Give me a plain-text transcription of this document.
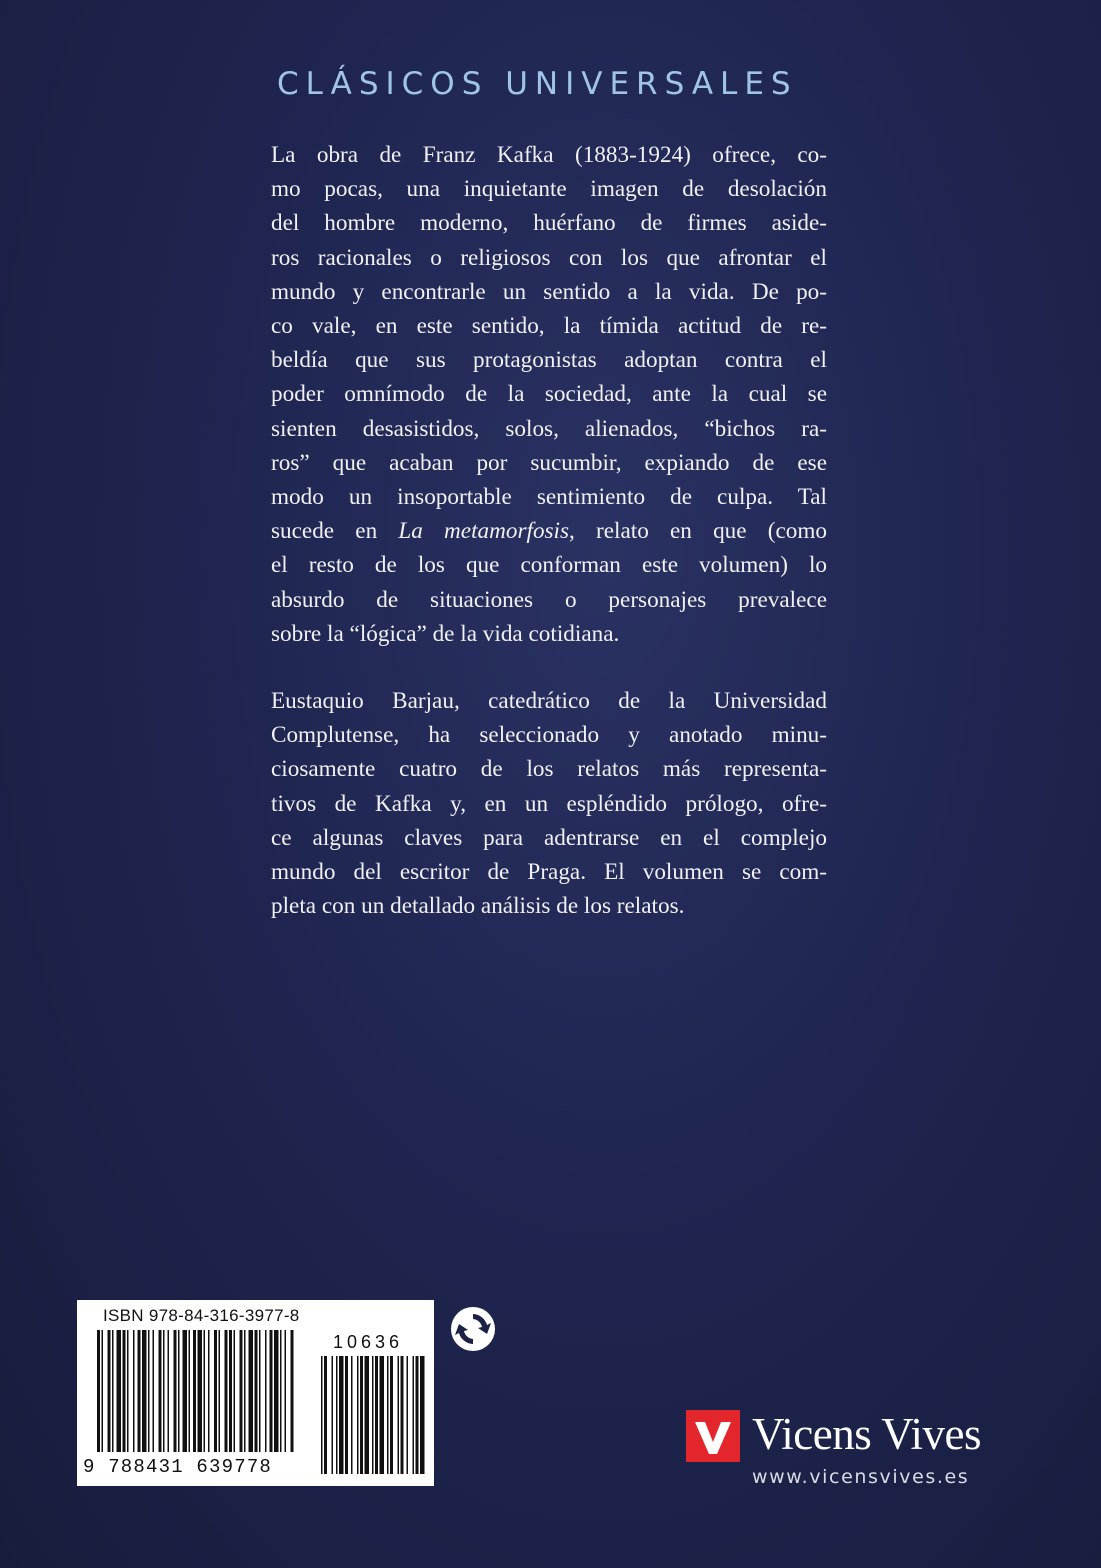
CLÁSICOS UNIVERSALES
La obra de Franz Kafka (1883-1924) ofrece, co-
mo pocas, una inquietante imagen de desolación
del hombre moderno, huérfano de firmes aside-
ros racionales o religiosos con los que afrontar el
mundo y encontrarle un sentido a la vida. De po-
co vale, en este sentido, la tímida actitud de re-
beldía que sus protagonistas adoptan contra el
poder omnímodo de la sociedad, ante la cual se
sienten desasistidos, solos, alienados, “bichos ra-
ros” que acaban por sucumbir, expiando de ese
modo un insoportable sentimiento de culpa. Tal
sucede en La metamorfosis, relato en que (como
el resto de los que conforman este volumen) lo
absurdo de situaciones o personajes prevalece
sobre la “lógica” de la vida cotidiana.
Eustaquio Barjau, catedrático de la Universidad
Complutense, ha seleccionado y anotado minu-
ciosamente cuatro de los relatos más representa-
tivos de Kafka y, en un espléndido prólogo, ofre-
ce algunas claves para adentrarse en el complejo
mundo del escritor de Praga. El volumen se com-
pleta con un detallado análisis de los relatos.
ISBN 978-84-316-3977-8
10636
9 788431 639778
Vicens Vives
www.vicensvives.es
